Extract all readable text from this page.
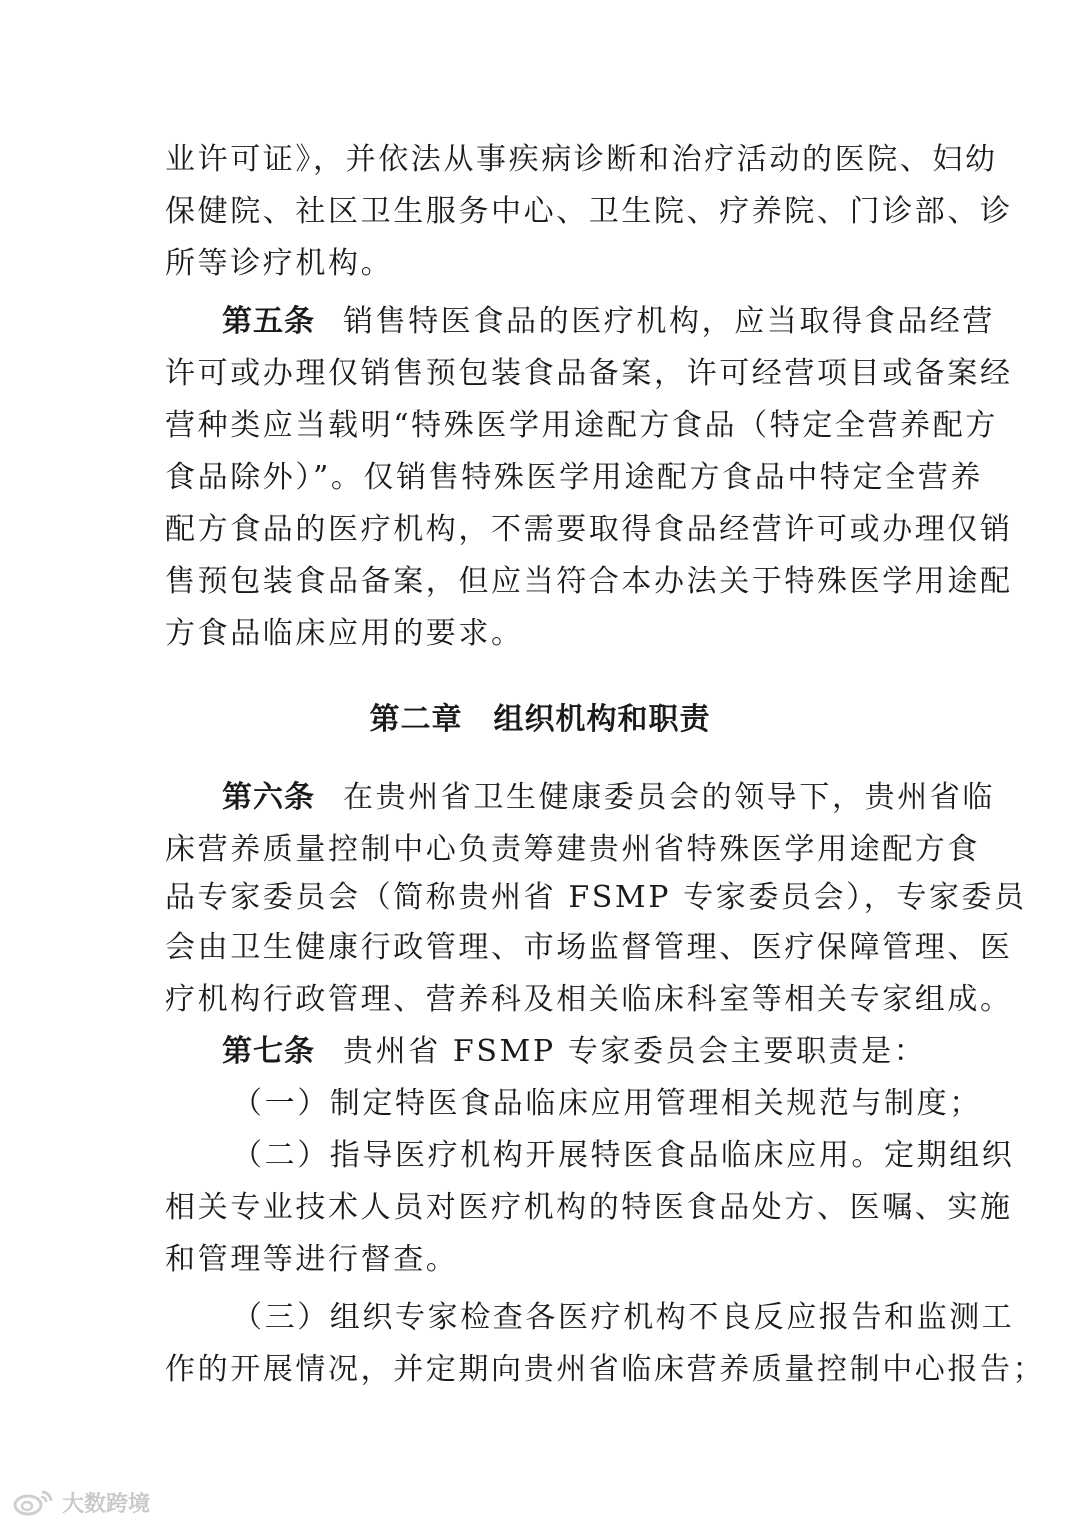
业许可证》，并依法从事疾病诊断和治疗活动的医院、妇幼
保健院、社区卫生服务中心、卫生院、疗养院、门诊部、诊
所等诊疗机构。
第五条 销售特医食品的医疗机构，应当取得食品经营
许可或办理仅销售预包装食品备案，许可经营项目或备案经
营种类应当载明“特殊医学用途配方食品（特定全营养配方
食品除外）”。仅销售特殊医学用途配方食品中特定全营养
配方食品的医疗机构，不需要取得食品经营许可或办理仅销
售预包装食品备案，但应当符合本办法关于特殊医学用途配
方食品临床应用的要求。
第二章　组织机构和职责
第六条 在贵州省卫生健康委员会的领导下，贵州省临
床营养质量控制中心负责筹建贵州省特殊医学用途配方食
品专家委员会（简称贵州省 FSMP 专家委员会），专家委员
会由卫生健康行政管理、市场监督管理、医疗保障管理、医
疗机构行政管理、营养科及相关临床科室等相关专家组成。
第七条 贵州省 FSMP 专家委员会主要职责是：
（一）制定特医食品临床应用管理相关规范与制度；
（二）指导医疗机构开展特医食品临床应用。定期组织
相关专业技术人员对医疗机构的特医食品处方、医嘱、实施
和管理等进行督查。
（三）组织专家检查各医疗机构不良反应报告和监测工
作的开展情况，并定期向贵州省临床营养质量控制中心报告；
大数跨境
